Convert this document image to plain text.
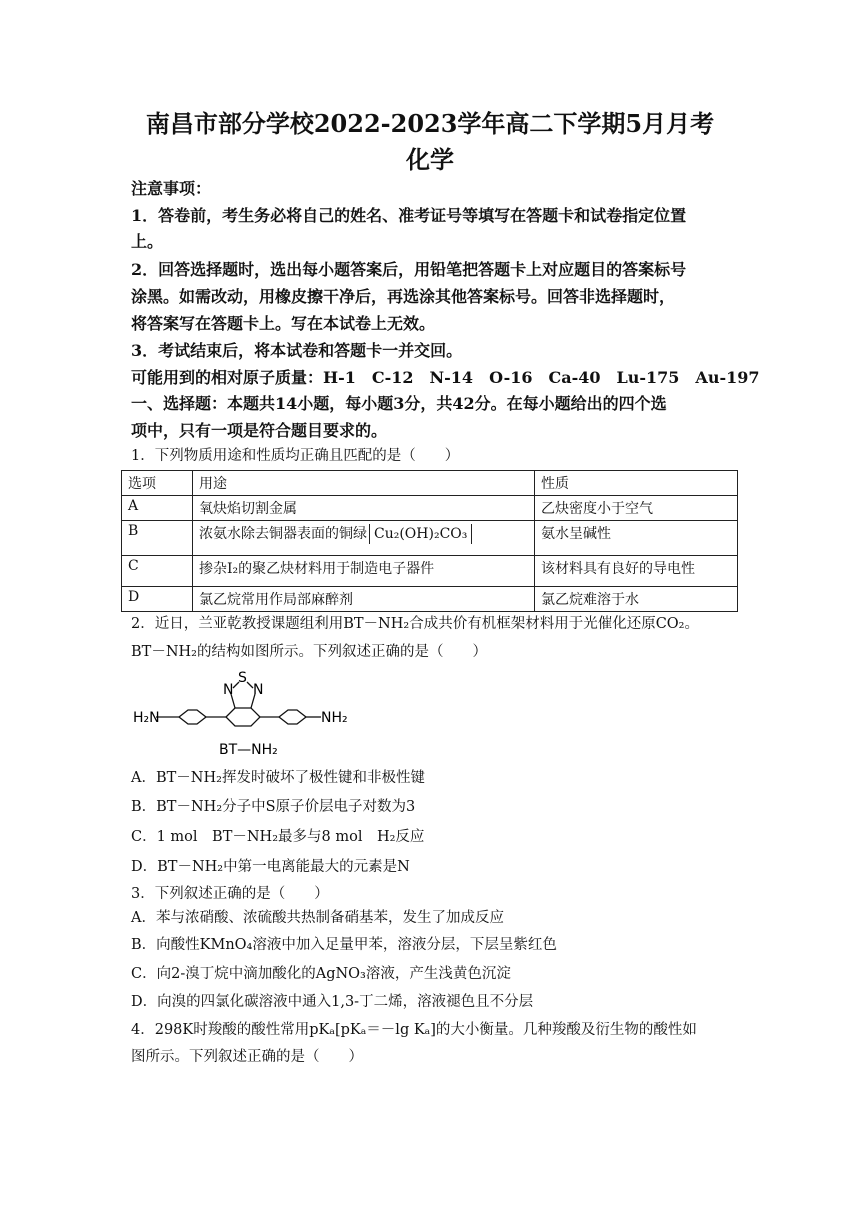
南昌市部分学校2022-2023学年高二下学期5月月考
化学
注意事项：
1．答卷前，考生务必将自己的姓名、准考证号等填写在答题卡和试卷指定位置
上。
2．回答选择题时，选出每小题答案后，用铅笔把答题卡上对应题目的答案标号
涂黑。如需改动，用橡皮擦干净后，再选涂其他答案标号。回答非选择题时，
将答案写在答题卡上。写在本试卷上无效。
3．考试结束后，将本试卷和答题卡一并交回。
可能用到的相对原子质量：H-1　C-12　N-14　O-16　Ca-40　Lu-175　Au-197
一、选择题：本题共14小题，每小题3分，共42分。在每小题给出的四个选
项中，只有一项是符合题目要求的。
1．下列物质用途和性质均正确且匹配的是（　　）
选项	用途	性质
A	氧炔焰切割金属	乙炔密度小于空气
B	浓氨水除去铜器表面的铜绿 Cu₂(OH)₂CO₃	氨水呈碱性
C	掺杂I₂的聚乙炔材料用于制造电子器件	该材料具有良好的导电性
D	氯乙烷常用作局部麻醉剂	氯乙烷难溶于水
2．近日，兰亚乾教授课题组利用BT－NH₂合成共价有机框架材料用于光催化还原CO₂。
BT－NH₂的结构如图所示。下列叙述正确的是（　　）
S
N N
H₂N	NH₂
BT—NH₂
A．BT－NH₂挥发时破坏了极性键和非极性键
B．BT－NH₂分子中S原子价层电子对数为3
C．1 mol　BT－NH₂最多与8 mol　H₂反应
D．BT－NH₂中第一电离能最大的元素是N
3．下列叙述正确的是（　　）
A．苯与浓硝酸、浓硫酸共热制备硝基苯，发生了加成反应
B．向酸性KMnO₄溶液中加入足量甲苯，溶液分层，下层呈紫红色
C．向2-溴丁烷中滴加酸化的AgNO₃溶液，产生浅黄色沉淀
D．向溴的四氯化碳溶液中通入1,3-丁二烯，溶液褪色且不分层
4．298K时羧酸的酸性常用pKₐ[pKₐ＝－lg Kₐ]的大小衡量。几种羧酸及衍生物的酸性如
图所示。下列叙述正确的是（　　）
